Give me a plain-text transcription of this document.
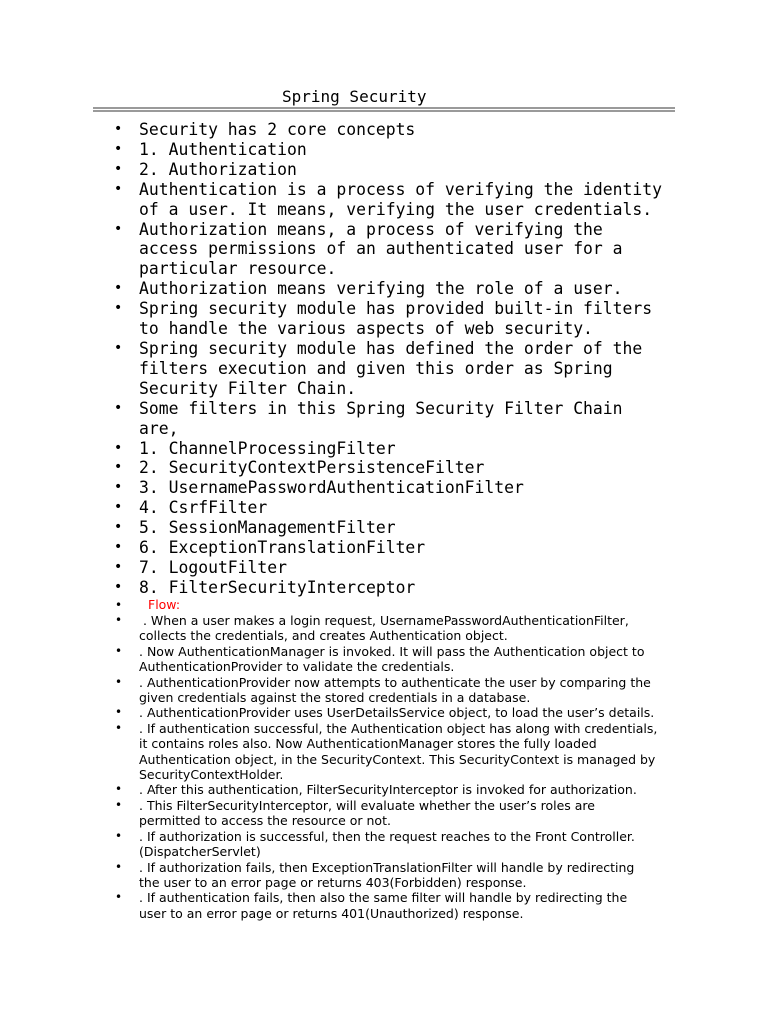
Spring Security
• Security has 2 core concepts
• 1. Authentication
• 2. Authorization
• Authentication is a process of verifying the identity
of a user. It means, verifying the user credentials.
• Authorization means, a process of verifying the
access permissions of an authenticated user for a
particular resource.
• Authorization means verifying the role of a user.
• Spring security module has provided built-in filters
to handle the various aspects of web security.
• Spring security module has defined the order of the
filters execution and given this order as Spring
Security Filter Chain.
• Some filters in this Spring Security Filter Chain
are,
• 1. ChannelProcessingFilter
• 2. SecurityContextPersistenceFilter
• 3. UsernamePasswordAuthenticationFilter
• 4. CsrfFilter
• 5. SessionManagementFilter
• 6. ExceptionTranslationFilter
• 7. LogoutFilter
• 8. FilterSecurityInterceptor
• Flow:
• . When a user makes a login request, UsernamePasswordAuthenticationFilter,
collects the credentials, and creates Authentication object.
• . Now AuthenticationManager is invoked. It will pass the Authentication object to
AuthenticationProvider to validate the credentials.
• . AuthenticationProvider now attempts to authenticate the user by comparing the
given credentials against the stored credentials in a database.
• . AuthenticationProvider uses UserDetailsService object, to load the user’s details.
• . If authentication successful, the Authentication object has along with credentials,
it contains roles also. Now AuthenticationManager stores the fully loaded
Authentication object, in the SecurityContext. This SecurityContext is managed by
SecurityContextHolder.
• . After this authentication, FilterSecurityInterceptor is invoked for authorization.
• . This FilterSecurityInterceptor, will evaluate whether the user’s roles are
permitted to access the resource or not.
• . If authorization is successful, then the request reaches to the Front Controller.
(DispatcherServlet)
• . If authorization fails, then ExceptionTranslationFilter will handle by redirecting
the user to an error page or returns 403(Forbidden) response.
• . If authentication fails, then also the same filter will handle by redirecting the
user to an error page or returns 401(Unauthorized) response.
